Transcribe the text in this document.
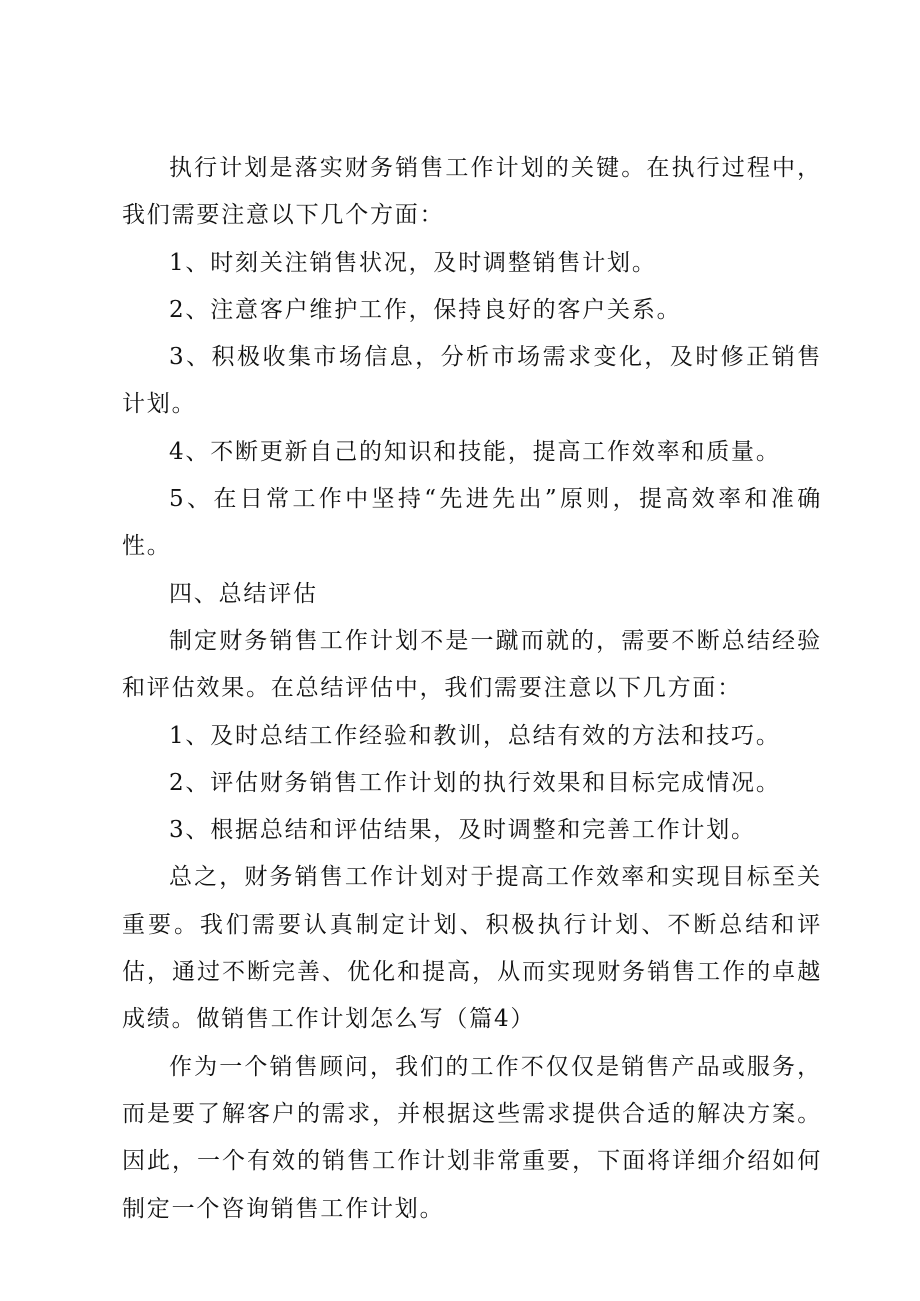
执行计划是落实财务销售工作计划的关键。在执行过程中，我们需要注意以下几个方面：

1、时刻关注销售状况，及时调整销售计划。

2、注意客户维护工作，保持良好的客户关系。

3、积极收集市场信息，分析市场需求变化，及时修正销售计划。

4、不断更新自己的知识和技能，提高工作效率和质量。

5、在日常工作中坚持“先进先出”原则，提高效率和准确性。

四、总结评估

制定财务销售工作计划不是一蹴而就的，需要不断总结经验和评估效果。在总结评估中，我们需要注意以下几方面：

1、及时总结工作经验和教训，总结有效的方法和技巧。

2、评估财务销售工作计划的执行效果和目标完成情况。

3、根据总结和评估结果，及时调整和完善工作计划。

总之，财务销售工作计划对于提高工作效率和实现目标至关重要。我们需要认真制定计划、积极执行计划、不断总结和评估，通过不断完善、优化和提高，从而实现财务销售工作的卓越成绩。做销售工作计划怎么写（篇4）

作为一个销售顾问，我们的工作不仅仅是销售产品或服务，而是要了解客户的需求，并根据这些需求提供合适的解决方案。因此，一个有效的销售工作计划非常重要，下面将详细介绍如何制定一个咨询销售工作计划。
